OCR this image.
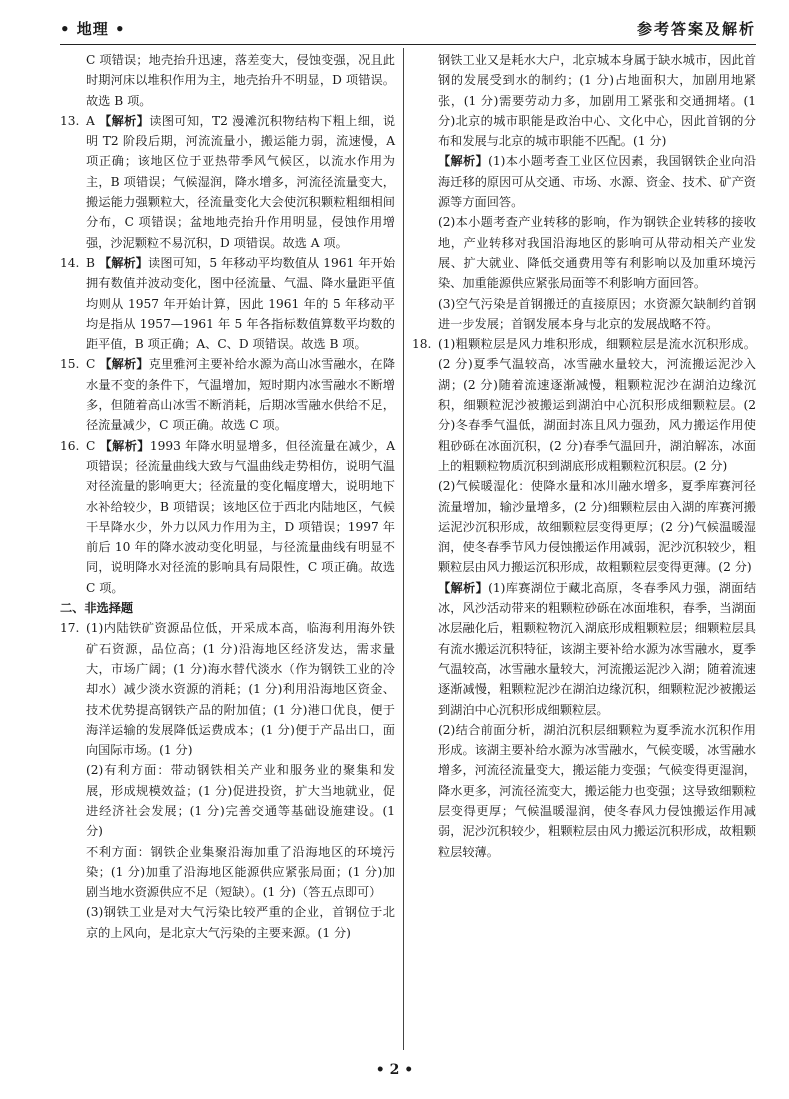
• 地理 •	参考答案及解析

C 项错误；地壳抬升迅速，落差变大，侵蚀变强，况且此时期河床以堆积作用为主，地壳抬升不明显，D 项错误。故选 B 项。

13. A 【解析】读图可知，T2 漫滩沉积物结构下粗上细，说明 T2 阶段后期，河流流量小，搬运能力弱，流速慢，A 项正确；该地区位于亚热带季风气候区，以流水作用为主，B 项错误；气候湿润，降水增多，河流径流量变大，搬运能力强颗粒大，径流量变化大会使沉积颗粒粗细相间分布，C 项错误；盆地地壳抬升作用明显，侵蚀作用增强，沙泥颗粒不易沉积，D 项错误。故选 A 项。

14. B 【解析】读图可知，5 年移动平均数值从 1961 年开始拥有数值并波动变化，图中径流量、气温、降水量距平值均则从 1957 年开始计算，因此 1961 年的 5 年移动平均是指从 1957—1961 年 5 年各指标数值算数平均数的距平值，B 项正确；A、C、D 项错误。故选 B 项。

15. C 【解析】克里雅河主要补给水源为高山冰雪融水，在降水量不变的条件下，气温增加，短时期内冰雪融水不断增多，但随着高山冰雪不断消耗，后期冰雪融水供给不足，径流量减少，C 项正确。故选 C 项。

16. C 【解析】1993 年降水明显增多，但径流量在减少，A 项错误；径流量曲线大致与气温曲线走势相仿，说明气温对径流量的影响更大；径流量的变化幅度增大，说明地下水补给较少，B 项错误；该地区位于西北内陆地区，气候干旱降水少，外力以风力作用为主，D 项错误；1997 年前后 10 年的降水波动变化明显，与径流量曲线有明显不同，说明降水对径流的影响具有局限性，C 项正确。故选 C 项。

二、非选择题

17. (1)内陆铁矿资源品位低，开采成本高，临海利用海外铁矿石资源，品位高；(1 分)沿海地区经济发达，需求量大，市场广阔；(1 分)海水替代淡水（作为钢铁工业的冷却水）减少淡水资源的消耗；(1 分)利用沿海地区资金、技术优势提高钢铁产品的附加值；(1 分)港口优良，便于海洋运输的发展降低运费成本；(1 分)便于产品出口，面向国际市场。(1 分)

(2)有利方面：带动钢铁相关产业和服务业的聚集和发展，形成规模效益；(1 分)促进投资，扩大当地就业，促进经济社会发展；(1 分)完善交通等基础设施建设。(1 分)

不利方面：钢铁企业集聚沿海加重了沿海地区的环境污染；(1 分)加重了沿海地区能源供应紧张局面；(1 分)加剧当地水资源供应不足（短缺）。(1 分)（答五点即可）

(3)钢铁工业是对大气污染比较严重的企业，首钢位于北京的上风向，是北京大气污染的主要来源。(1 分)

钢铁工业又是耗水大户，北京城本身属于缺水城市，因此首钢的发展受到水的制约；(1 分)占地面积大，加剧用地紧张，(1 分)需要劳动力多，加剧用工紧张和交通拥堵。(1 分)北京的城市职能是政治中心、文化中心，因此首钢的分布和发展与北京的城市职能不匹配。(1 分)

【解析】(1)本小题考查工业区位因素，我国钢铁企业向沿海迁移的原因可从交通、市场、水源、资金、技术、矿产资源等方面回答。

(2)本小题考查产业转移的影响，作为钢铁企业转移的接收地，产业转移对我国沿海地区的影响可从带动相关产业发展、扩大就业、降低交通费用等有利影响以及加重环境污染、加重能源供应紧张局面等不利影响方面回答。

(3)空气污染是首钢搬迁的直接原因；水资源欠缺制约首钢进一步发展；首钢发展本身与北京的发展战略不符。

18. (1)粗颗粒层是风力堆积形成，细颗粒层是流水沉积形成。(2 分)夏季气温较高，冰雪融水量较大，河流搬运泥沙入湖；(2 分)随着流速逐渐减慢，粗颗粒泥沙在湖泊边缘沉积，细颗粒泥沙被搬运到湖泊中心沉积形成细颗粒层。(2 分)冬春季气温低，湖面封冻且风力强劲，风力搬运作用使粗砂砾在冰面沉积，(2 分)春季气温回升，湖泊解冻，冰面上的粗颗粒物质沉积到湖底形成粗颗粒沉积层。(2 分)

(2)气候暖湿化：使降水量和冰川融水增多，夏季库赛河径流量增加，输沙量增多，(2 分)细颗粒层由入湖的库赛河搬运泥沙沉积形成，故细颗粒层变得更厚；(2 分)气候温暖湿润，使冬春季节风力侵蚀搬运作用减弱，泥沙沉积较少，粗颗粒层由风力搬运沉积形成，故粗颗粒层变得更薄。(2 分)

【解析】(1)库赛湖位于藏北高原，冬春季风力强，湖面结冰，风沙活动带来的粗颗粒砂砾在冰面堆积，春季，当湖面冰层融化后，粗颗粒物沉入湖底形成粗颗粒层；细颗粒层具有流水搬运沉积特征，该湖主要补给水源为冰雪融水，夏季气温较高，冰雪融水量较大，河流搬运泥沙入湖；随着流速逐渐减慢，粗颗粒泥沙在湖泊边缘沉积，细颗粒泥沙被搬运到湖泊中心沉积形成细颗粒层。

(2)结合前面分析，湖泊沉积层细颗粒为夏季流水沉积作用形成。该湖主要补给水源为冰雪融水，气候变暖，冰雪融水增多，河流径流量变大，搬运能力变强；气候变得更湿润，降水更多，河流径流变大，搬运能力也变强；这导致细颗粒层变得更厚；气候温暖湿润，使冬春风力侵蚀搬运作用减弱，泥沙沉积较少，粗颗粒层由风力搬运沉积形成，故粗颗粒层较薄。

• 2 •
